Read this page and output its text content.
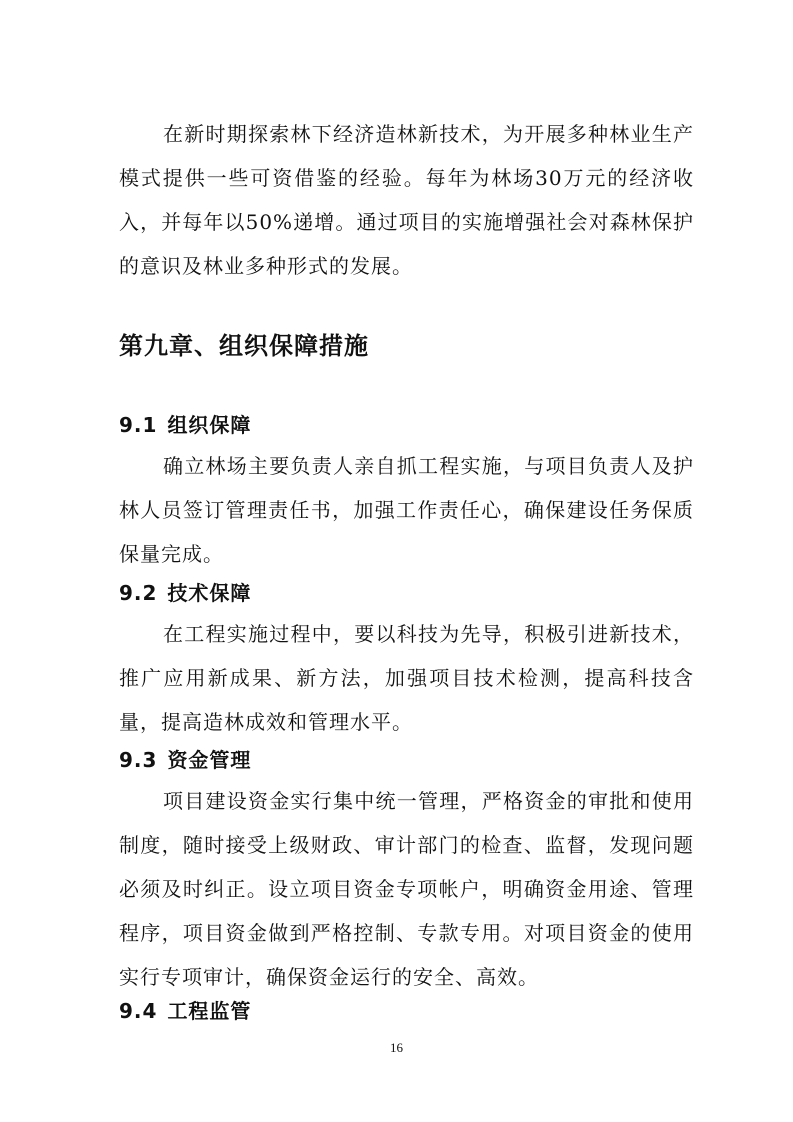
在新时期探索林下经济造林新技术，为开展多种林业生产模式提供一些可资借鉴的经验。每年为林场30万元的经济收入，并每年以50%递增。通过项目的实施增强社会对森林保护的意识及林业多种形式的发展。

第九章、组织保障措施
9.1 组织保障

确立林场主要负责人亲自抓工程实施，与项目负责人及护林人员签订管理责任书，加强工作责任心，确保建设任务保质保量完成。

9.2 技术保障

在工程实施过程中，要以科技为先导，积极引进新技术，推广应用新成果、新方法，加强项目技术检测，提高科技含量，提高造林成效和管理水平。

9.3 资金管理

项目建设资金实行集中统一管理，严格资金的审批和使用制度，随时接受上级财政、审计部门的检查、监督，发现问题必须及时纠正。设立项目资金专项帐户，明确资金用途、管理程序，项目资金做到严格控制、专款专用。对项目资金的使用实行专项审计，确保资金运行的安全、高效。

9.4 工程监管
16
